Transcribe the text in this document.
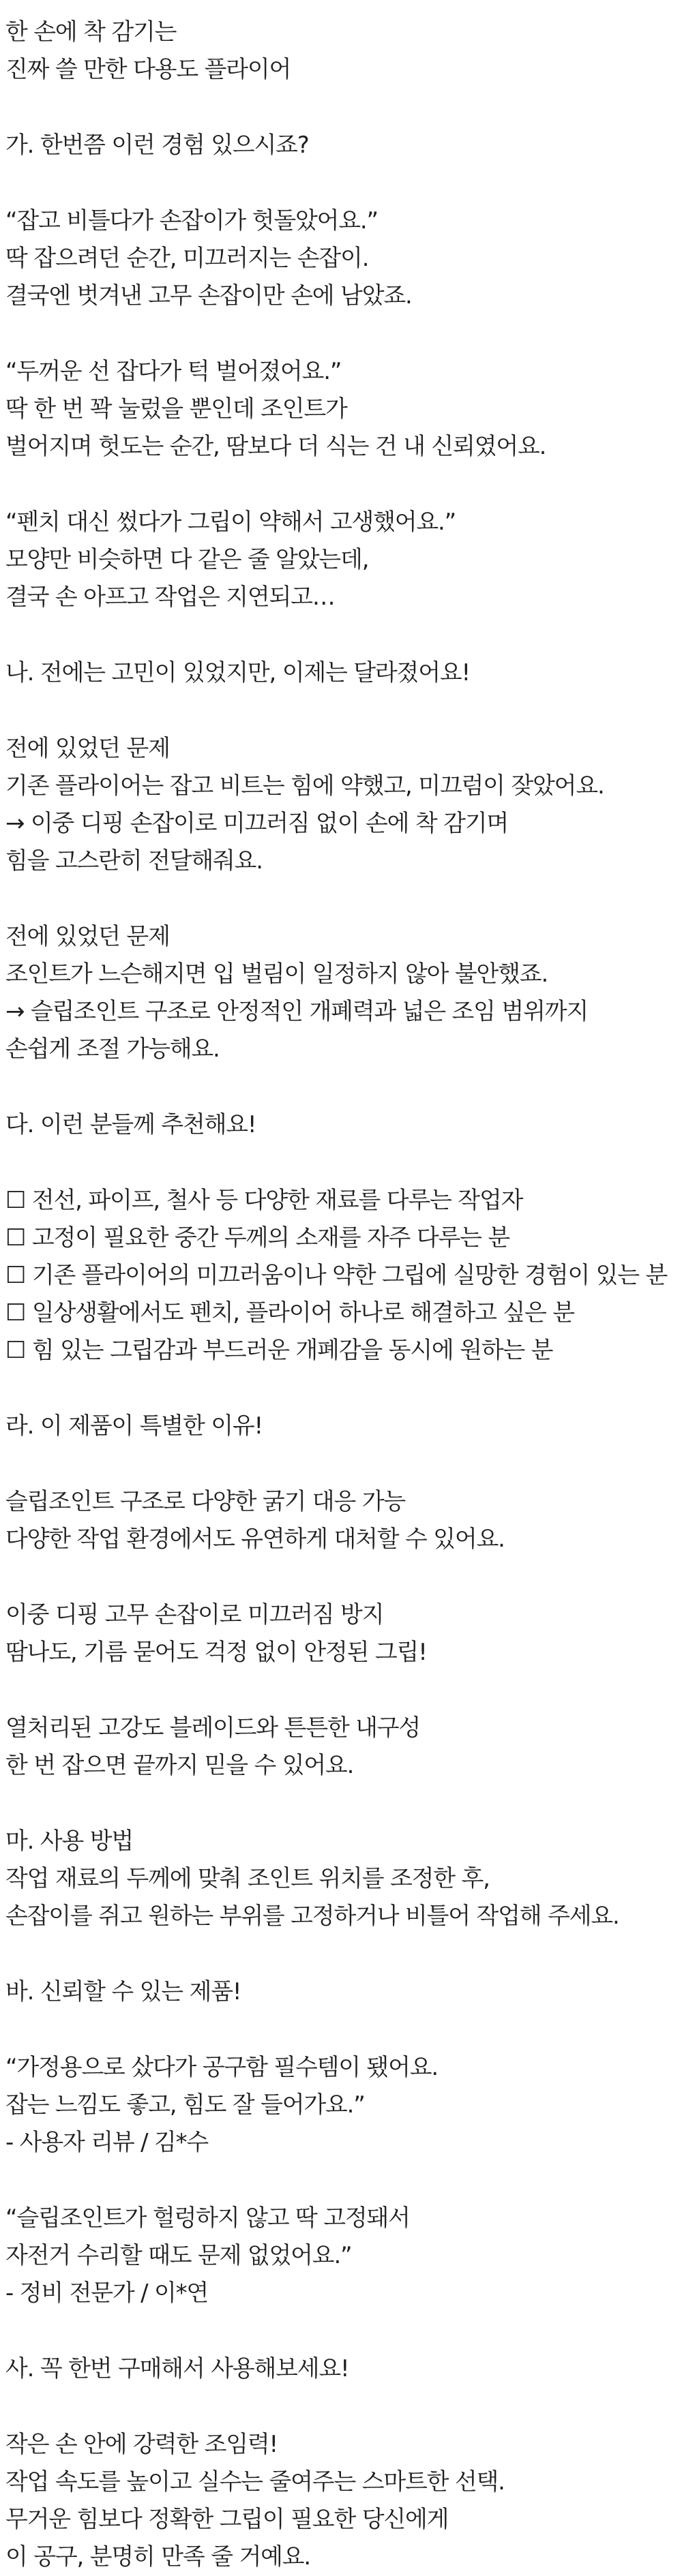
한 손에 착 감기는
진짜 쓸 만한 다용도 플라이어
가. 한번쯤 이런 경험 있으시죠?
“잡고 비틀다가 손잡이가 헛돌았어요.”
딱 잡으려던 순간, 미끄러지는 손잡이.
결국엔 벗겨낸 고무 손잡이만 손에 남았죠.
“두꺼운 선 잡다가 턱 벌어졌어요.”
딱 한 번 꽉 눌렀을 뿐인데 조인트가
벌어지며 헛도는 순간, 땀보다 더 식는 건 내 신뢰였어요.
“펜치 대신 썼다가 그립이 약해서 고생했어요.”
모양만 비슷하면 다 같은 줄 알았는데,
결국 손 아프고 작업은 지연되고…
나. 전에는 고민이 있었지만, 이제는 달라졌어요!
전에 있었던 문제
기존 플라이어는 잡고 비트는 힘에 약했고, 미끄럼이 잦았어요.
→ 이중 디핑 손잡이로 미끄러짐 없이 손에 착 감기며
힘을 고스란히 전달해줘요.
전에 있었던 문제
조인트가 느슨해지면 입 벌림이 일정하지 않아 불안했죠.
→ 슬립조인트 구조로 안정적인 개폐력과 넓은 조임 범위까지
손쉽게 조절 가능해요.
다. 이런 분들께 추천해요!
☐ 전선, 파이프, 철사 등 다양한 재료를 다루는 작업자
☐ 고정이 필요한 중간 두께의 소재를 자주 다루는 분
☐ 기존 플라이어의 미끄러움이나 약한 그립에 실망한 경험이 있는 분
☐ 일상생활에서도 펜치, 플라이어 하나로 해결하고 싶은 분
☐ 힘 있는 그립감과 부드러운 개폐감을 동시에 원하는 분
라. 이 제품이 특별한 이유!
슬립조인트 구조로 다양한 굵기 대응 가능
다양한 작업 환경에서도 유연하게 대처할 수 있어요.
이중 디핑 고무 손잡이로 미끄러짐 방지
땀나도, 기름 묻어도 걱정 없이 안정된 그립!
열처리된 고강도 블레이드와 튼튼한 내구성
한 번 잡으면 끝까지 믿을 수 있어요.
마. 사용 방법
작업 재료의 두께에 맞춰 조인트 위치를 조정한 후,
손잡이를 쥐고 원하는 부위를 고정하거나 비틀어 작업해 주세요.
바. 신뢰할 수 있는 제품!
“가정용으로 샀다가 공구함 필수템이 됐어요.
잡는 느낌도 좋고, 힘도 잘 들어가요.”
- 사용자 리뷰 / 김*수
“슬립조인트가 헐렁하지 않고 딱 고정돼서
자전거 수리할 때도 문제 없었어요.”
- 정비 전문가 / 이*연
사. 꼭 한번 구매해서 사용해보세요!
작은 손 안에 강력한 조임력!
작업 속도를 높이고 실수는 줄여주는 스마트한 선택.
무거운 힘보다 정확한 그립이 필요한 당신에게
이 공구, 분명히 만족 줄 거예요.
